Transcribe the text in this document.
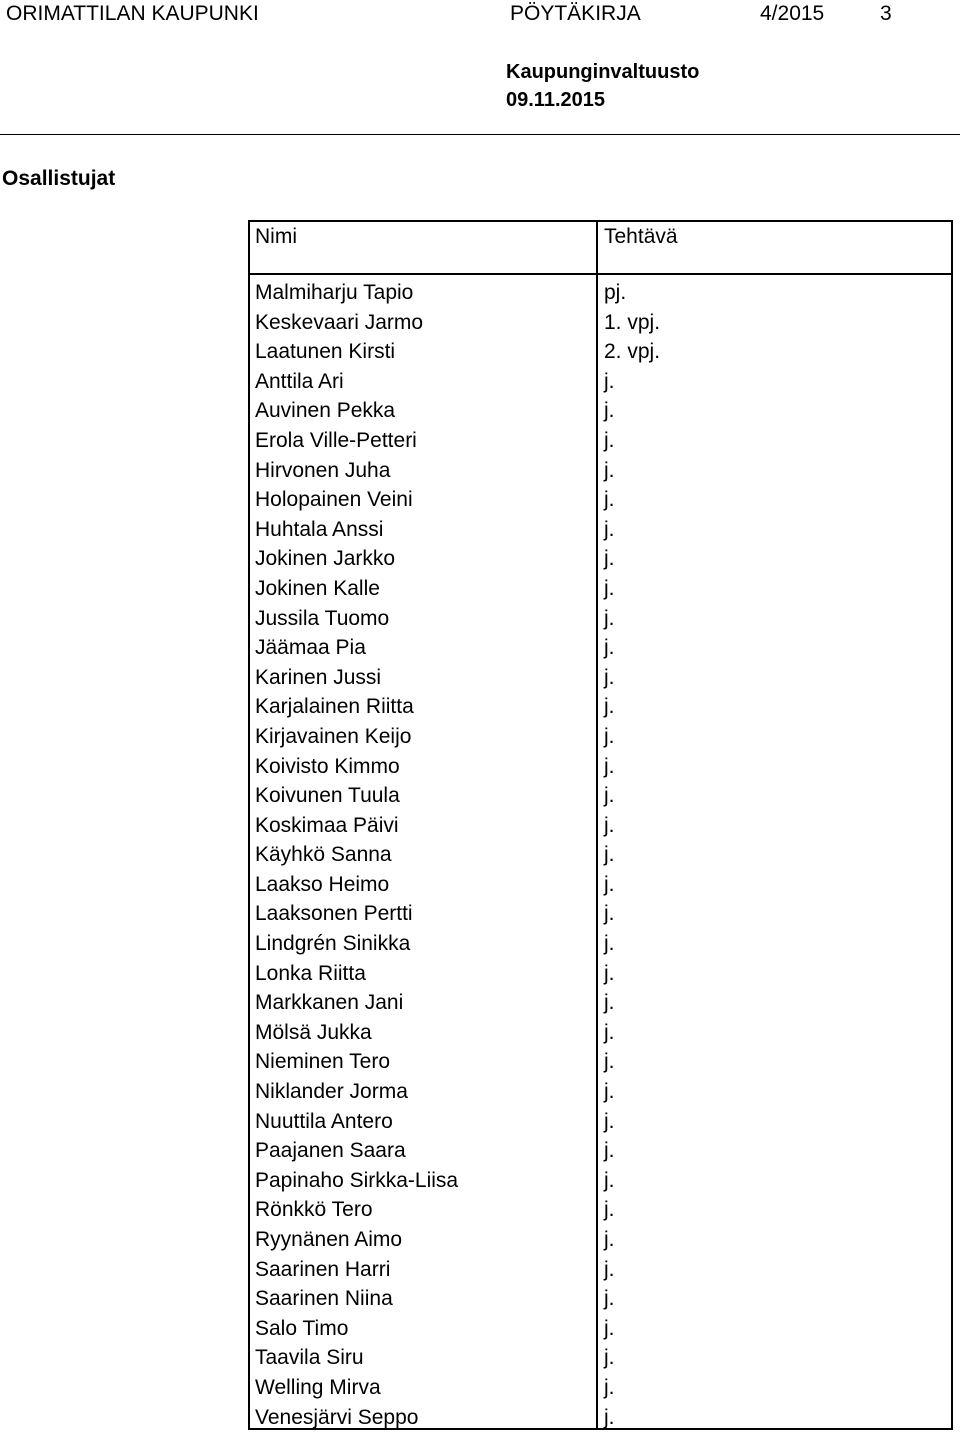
ORIMATTILAN KAUPUNKI	PÖYTÄKIRJA	4/2015	3
Kaupunginvaltuusto
09.11.2015
Osallistujat
Nimi	Tehtävä
Malmiharju Tapio	pj.
Keskevaari Jarmo	1. vpj.
Laatunen Kirsti	2. vpj.
Anttila Ari	j.
Auvinen Pekka	j.
Erola Ville-Petteri	j.
Hirvonen Juha	j.
Holopainen Veini	j.
Huhtala Anssi	j.
Jokinen Jarkko	j.
Jokinen Kalle	j.
Jussila Tuomo	j.
Jäämaa Pia	j.
Karinen Jussi	j.
Karjalainen Riitta	j.
Kirjavainen Keijo	j.
Koivisto Kimmo	j.
Koivunen Tuula	j.
Koskimaa Päivi	j.
Käyhkö Sanna	j.
Laakso Heimo	j.
Laaksonen Pertti	j.
Lindgrén Sinikka	j.
Lonka Riitta	j.
Markkanen Jani	j.
Mölsä Jukka	j.
Nieminen Tero	j.
Niklander Jorma	j.
Nuuttila Antero	j.
Paajanen Saara	j.
Papinaho Sirkka-Liisa	j.
Rönkkö Tero	j.
Ryynänen Aimo	j.
Saarinen Harri	j.
Saarinen Niina	j.
Salo Timo	j.
Taavila Siru	j.
Welling Mirva	j.
Venesjärvi Seppo	j.
